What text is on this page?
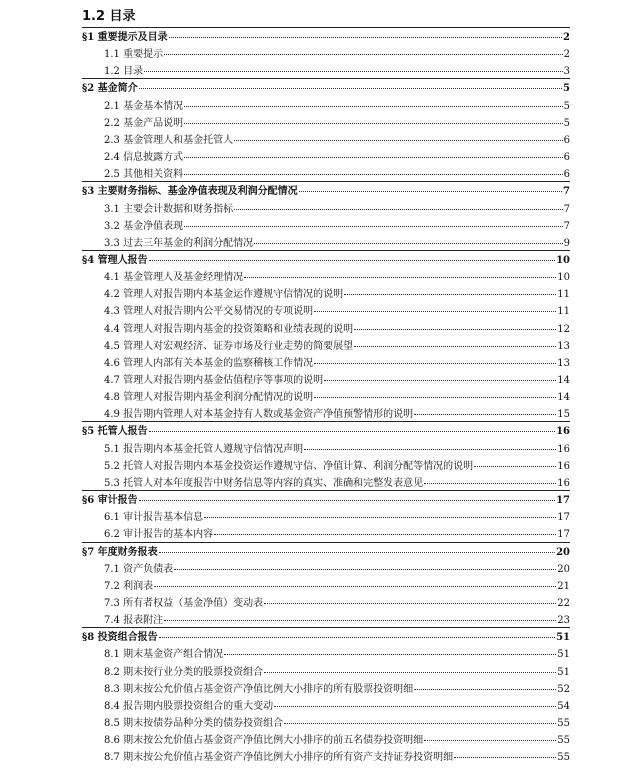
1.2 目录
§1 重要提示及目录	2
1.1 重要提示	2
1.2 目录	3
§2 基金简介	5
2.1 基金基本情况	5
2.2 基金产品说明	5
2.3 基金管理人和基金托管人	6
2.4 信息披露方式	6
2.5 其他相关资料	6
§3 主要财务指标、基金净值表现及利润分配情况	7
3.1 主要会计数据和财务指标	7
3.2 基金净值表现	7
3.3 过去三年基金的利润分配情况	9
§4 管理人报告	10
4.1 基金管理人及基金经理情况	10
4.2 管理人对报告期内本基金运作遵规守信情况的说明	11
4.3 管理人对报告期内公平交易情况的专项说明	11
4.4 管理人对报告期内基金的投资策略和业绩表现的说明	12
4.5 管理人对宏观经济、证券市场及行业走势的简要展望	13
4.6 管理人内部有关本基金的监察稽核工作情况	13
4.7 管理人对报告期内基金估值程序等事项的说明	14
4.8 管理人对报告期内基金利润分配情况的说明	14
4.9 报告期内管理人对本基金持有人数或基金资产净值预警情形的说明	15
§5 托管人报告	16
5.1 报告期内本基金托管人遵规守信情况声明	16
5.2 托管人对报告期内本基金投资运作遵规守信、净值计算、利润分配等情况的说明	16
5.3 托管人对本年度报告中财务信息等内容的真实、准确和完整发表意见	16
§6 审计报告	17
6.1 审计报告基本信息	17
6.2 审计报告的基本内容	17
§7 年度财务报表	20
7.1 资产负债表	20
7.2 利润表	21
7.3 所有者权益（基金净值）变动表	22
7.4 报表附注	23
§8 投资组合报告	51
8.1 期末基金资产组合情况	51
8.2 期末按行业分类的股票投资组合	51
8.3 期末按公允价值占基金资产净值比例大小排序的所有股票投资明细	52
8.4 报告期内股票投资组合的重大变动	54
8.5 期末按债券品种分类的债券投资组合	55
8.6 期末按公允价值占基金资产净值比例大小排序的前五名债券投资明细	55
8.7 期末按公允价值占基金资产净值比例大小排序的所有资产支持证券投资明细	55
